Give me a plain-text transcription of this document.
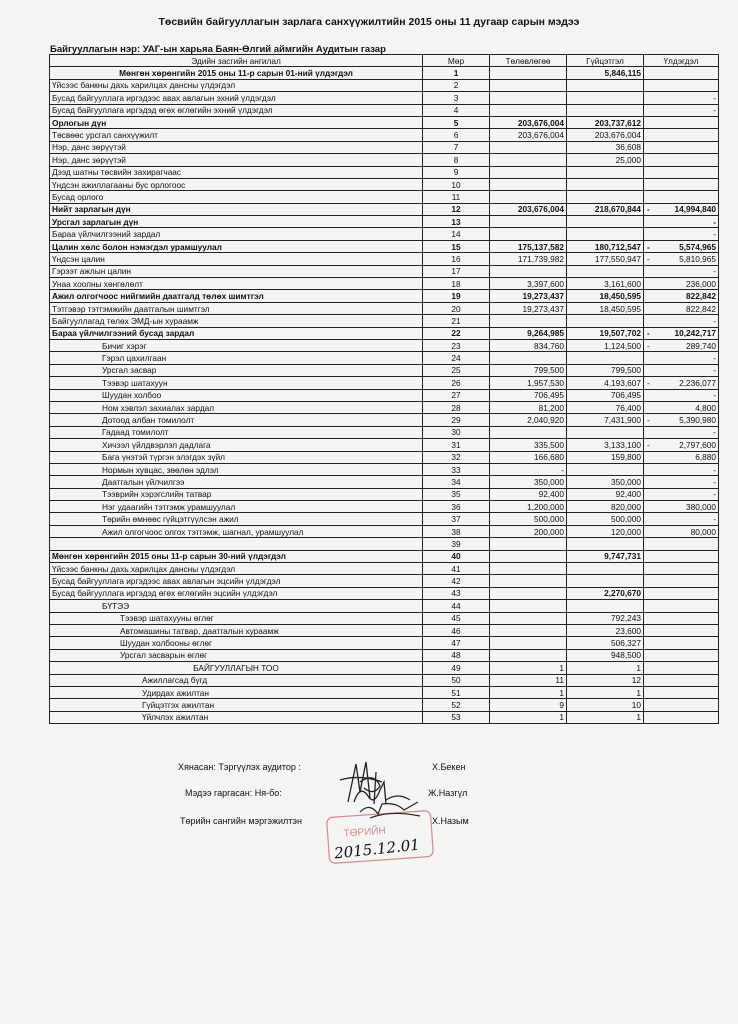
Төсвийн байгууллагын зарлага санхүүжилтийн 2015 оны 11 дугаар сарын мэдээ
Байгууллагын нэр: УАГ-ын харьяа Баян-Өлгий аймгийн Аудитын газар
Эдийн засгийн ангилал	Мөр	Төлөвлөгөө	Гүйцэтгэл	Үлдэгдэл
Мөнгөн хөрөнгийн 2015 оны 11-р сарын 01-ний үлдэгдэл	1		5,846,115	

Үйсээс банкны дахь харилцах дансны үлдэгдэл	2			

Бусад байгууллага иргэдээс авах авлагын эхний үлдэгдэл	3			-

Бусад байгууллага иргэдэд өгөх өглөгийн эхний үлдэгдэл	4			-

Орлогын дүн	5	203,676,004	203,737,612	

Төсвөөс урсгал санхүүжилт	6	203,676,004	203,676,004	

Нэр, данс зөрүүтэй	7		36,608	

Нэр, данс зөрүүтэй	8		25,000	

Дээд шатны төсвийн захирагчаас	9			

Үндсэн ажиллагааны бус орлогоос	10			

Бусад орлого	11			

Нийт зарлагын дүн	12	203,676,004	218,670,844	- 14,994,840

Урсгал зарлагын дүн	13			-

Бараа үйлчилгээний зардал	14			-

Цалин хөлс болон нэмэгдэл урамшуулал	15	175,137,582	180,712,547	- 5,574,965

Үндсэн цалин	16	171,739,982	177,550,947	- 5,810,965

Гэрээт ажлын цалин	17			-

Унаа хоолны хөнгөлөлт	18	3,397,600	3,161,600	236,000

Ажил олгогчоос нийгмийн даатгалд төлөх шимтгэл	19	19,273,437	18,450,595	822,842

Тэтгэвэр тэтгэмжийн даатгалын шимтгэл	20	19,273,437	18,450,595	822,842

Байгууллагад төлөх ЭМД-ын хураамж	21			-

Бараа үйлчилгээний бусад зардал	22	9,264,985	19,507,702	- 10,242,717

Бичиг хэрэг	23	834,760	1,124,500	- 289,740

Гэрэл цахилгаан	24			-

Урсгал засвар	25	799,500	799,500	-

Тээвэр шатахуун	26	1,957,530	4,193,607	- 2,236,077

Шуудан холбоо	27	706,495	706,495	-

Ном хэвлэл захиалах зардал	28	81,200	76,400	4,800

Дотоод албан томилолт	29	2,040,920	7,431,900	- 5,390,980

Гадаад томилолт	30			-

Хичээл үйлдвэрлэл дадлага	31	335,500	3,133,100	- 2,797,600

Бага үнэтэй түргэн элэгдэх зүйл	32	166,680	159,800	6,880

Нормын хувцас, зөөлөн эдлэл	33	-		-

Даатгалын үйлчилгээ	34	350,000	350,000	-

Тээврийн хэрэгслийн татвар	35	92,400	92,400	-

Нэг удаагийн тэтгэмж урамшуулал	36	1,200,000	820,000	380,000

Төрийн өмнөөс гүйцэтгүүлсэн ажил	37	500,000	500,000	-

Ажил олгогчоос олгох тэтгэмж, шагнал, урамшуулал	38	200,000	120,000	80,000

	39			

Мөнгөн хөрөнгийн 2015 оны 11-р сарын 30-ний үлдэгдэл	40		9,747,731	

Үйсээс банкны дахь харилцах дансны үлдэгдэл	41			

Бусад байгууллага иргэдээс авах авлагын эцсийн үлдэгдэл	42			

Бусад байгууллага иргэдэд өгөх өглөгийн эцсийн үлдэгдэл	43		2,270,670	

БҮТЭЭ	44			

Тээвэр шатахууны өглөг	45		792,243	

Автомашины татвар, даатгалын хураамж	46		23,600	

Шуудан холбооны өглөг	47		506,327	

Урсгал засварын өглөг	48		948,500	

БАЙГУУЛЛАГЫН ТОО	49	1	1	

Ажиллагсад бүгд	50	11	12	

Удирдах ажилтан	51	1	1	

Гүйцэтгэх ажилтан	52	9	10	

Үйлчлэх ажилтан	53	1	1	
Хянасан: Тэргүүлэх аудитор :	Х.Бекен
Мэдээ гаргасан: Ня-бо:	Ж.Назгүл
Төрийн сангийн мэргэжилтэн	Х.Назым
ТӨРИЙН
2015.12.01
